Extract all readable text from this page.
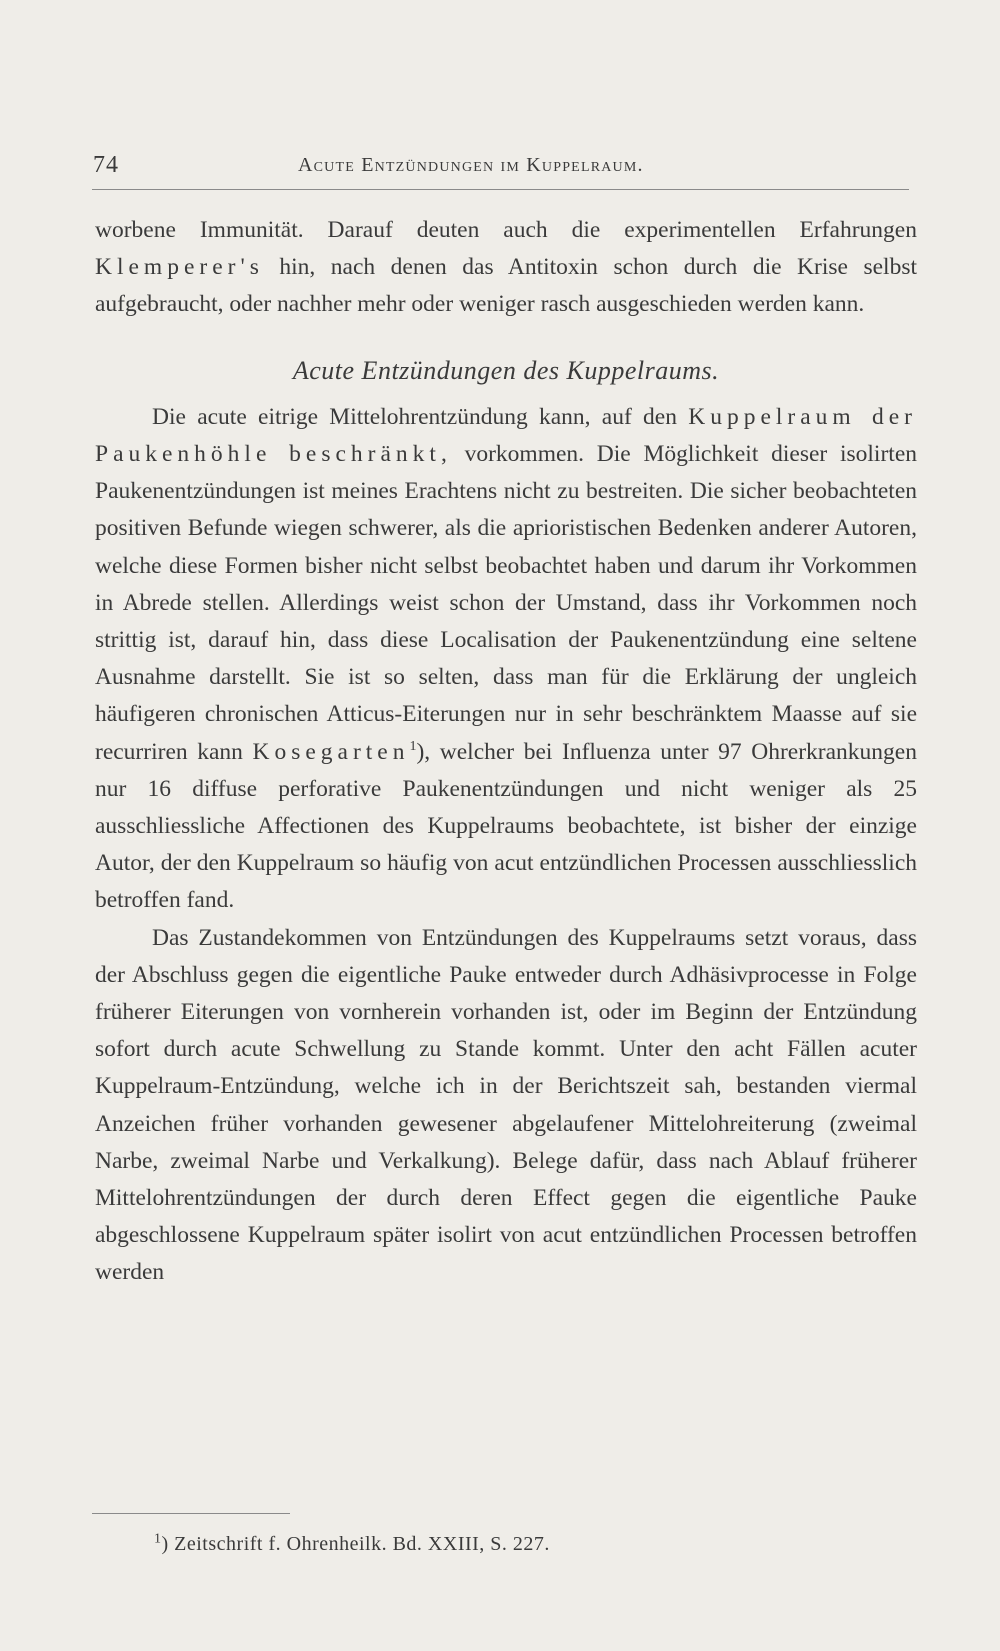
74	Acute Entzündungen im Kuppelraum.

worbene Immunität. Darauf deuten auch die experimentellen Erfahrungen Klemperer's hin, nach denen das Antitoxin schon durch die Krise selbst aufgebraucht, oder nachher mehr oder weniger rasch ausgeschieden werden kann.

Acute Entzündungen des Kuppelraums.

Die acute eitrige Mittelohrentzündung kann, auf den Kuppelraum der Paukenhöhle beschränkt, vorkommen. Die Möglichkeit dieser isolirten Paukenentzündungen ist meines Erachtens nicht zu bestreiten. Die sicher beobachteten positiven Befunde wiegen schwerer, als die aprioristischen Bedenken anderer Autoren, welche diese Formen bisher nicht selbst beobachtet haben und darum ihr Vorkommen in Abrede stellen. Allerdings weist schon der Umstand, dass ihr Vorkommen noch strittig ist, darauf hin, dass diese Localisation der Paukenentzündung eine seltene Ausnahme darstellt. Sie ist so selten, dass man für die Erklärung der ungleich häufigeren chronischen Atticus-Eiterungen nur in sehr beschränktem Maasse auf sie recurriren kann Kosegarten$^1$), welcher bei Influenza unter 97 Ohrerkrankungen nur 16 diffuse perforative Paukenentzündungen und nicht weniger als 25 ausschliessliche Affectionen des Kuppelraums beobachtete, ist bisher der einzige Autor, der den Kuppelraum so häufig von acut entzündlichen Processen ausschliesslich betroffen fand.

Das Zustandekommen von Entzündungen des Kuppelraums setzt voraus, dass der Abschluss gegen die eigentliche Pauke entweder durch Adhäsivprocesse in Folge früherer Eiterungen von vornherein vorhanden ist, oder im Beginn der Entzündung sofort durch acute Schwellung zu Stande kommt. Unter den acht Fällen acuter Kuppelraum-Entzündung, welche ich in der Berichtszeit sah, bestanden viermal Anzeichen früher vorhanden gewesener abgelaufener Mittelohreiterung (zweimal Narbe, zweimal Narbe und Verkalkung). Belege dafür, dass nach Ablauf früherer Mittelohrentzündungen der durch deren Effect gegen die eigentliche Pauke abgeschlossene Kuppelraum später isolirt von acut entzündlichen Processen betroffen werden

$^1$) Zeitschrift f. Ohrenheilk. Bd. XXIII, S. 227.
